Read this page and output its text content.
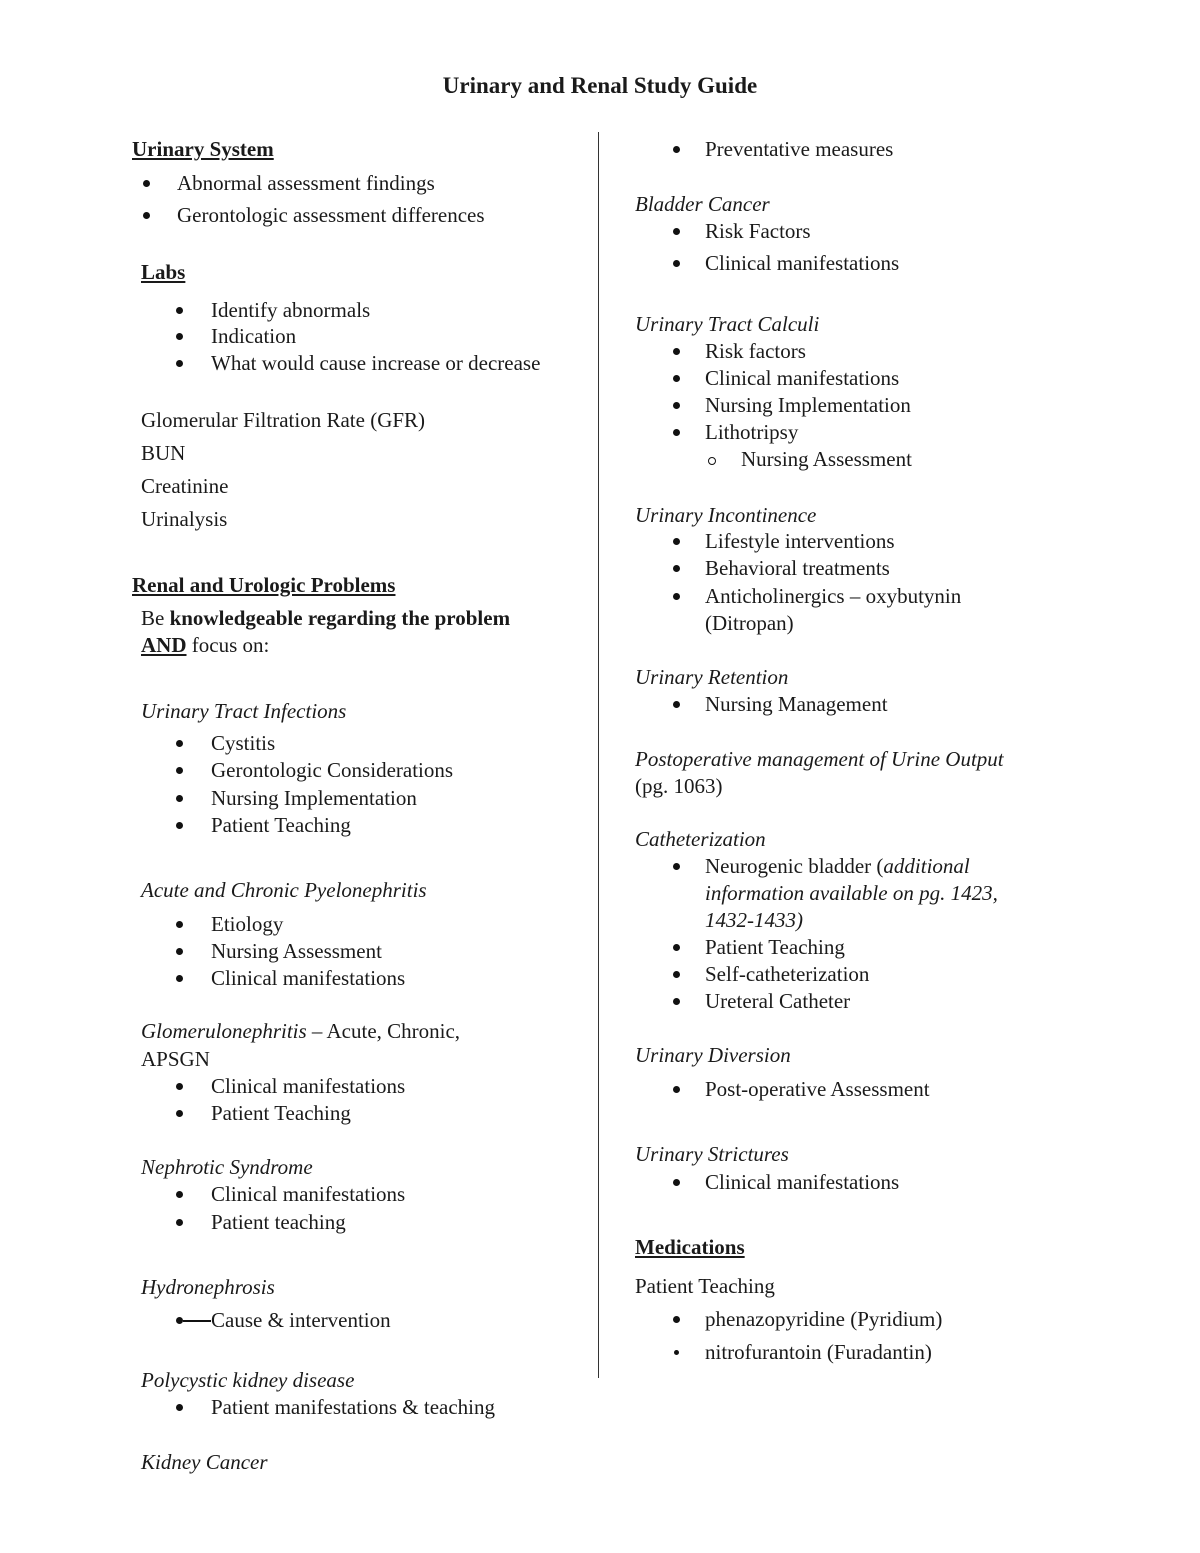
Urinary and Renal Study Guide
Urinary System
Abnormal assessment findings
Gerontologic assessment differences
Labs
Identify abnormals
Indication
What would cause increase or decrease
Glomerular Filtration Rate (GFR)
BUN
Creatinine
Urinalysis
Renal and Urologic Problems
Be knowledgeable regarding the problem
AND focus on:
Urinary Tract Infections
Cystitis
Gerontologic Considerations
Nursing Implementation
Patient Teaching
Acute and Chronic Pyelonephritis
Etiology
Nursing Assessment
Clinical manifestations
Glomerulonephritis – Acute, Chronic,
APSGN
Clinical manifestations
Patient Teaching
Nephrotic Syndrome
Clinical manifestations
Patient teaching
Hydronephrosis
Cause & intervention
Polycystic kidney disease
Patient manifestations & teaching
Kidney Cancer
Preventative measures
Bladder Cancer
Risk Factors
Clinical manifestations
Urinary Tract Calculi
Risk factors
Clinical manifestations
Nursing Implementation
Lithotripsy
Nursing Assessment
Urinary Incontinence
Lifestyle interventions
Behavioral treatments
Anticholinergics – oxybutynin
(Ditropan)
Urinary Retention
Nursing Management
Postoperative management of Urine Output
(pg. 1063)
Catheterization
Neurogenic bladder (additional
information available on pg. 1423,
1432-1433)
Patient Teaching
Self-catheterization
Ureteral Catheter
Urinary Diversion
Post-operative Assessment
Urinary Strictures
Clinical manifestations
Medications
Patient Teaching
phenazopyridine (Pyridium)
nitrofurantoin (Furadantin)
